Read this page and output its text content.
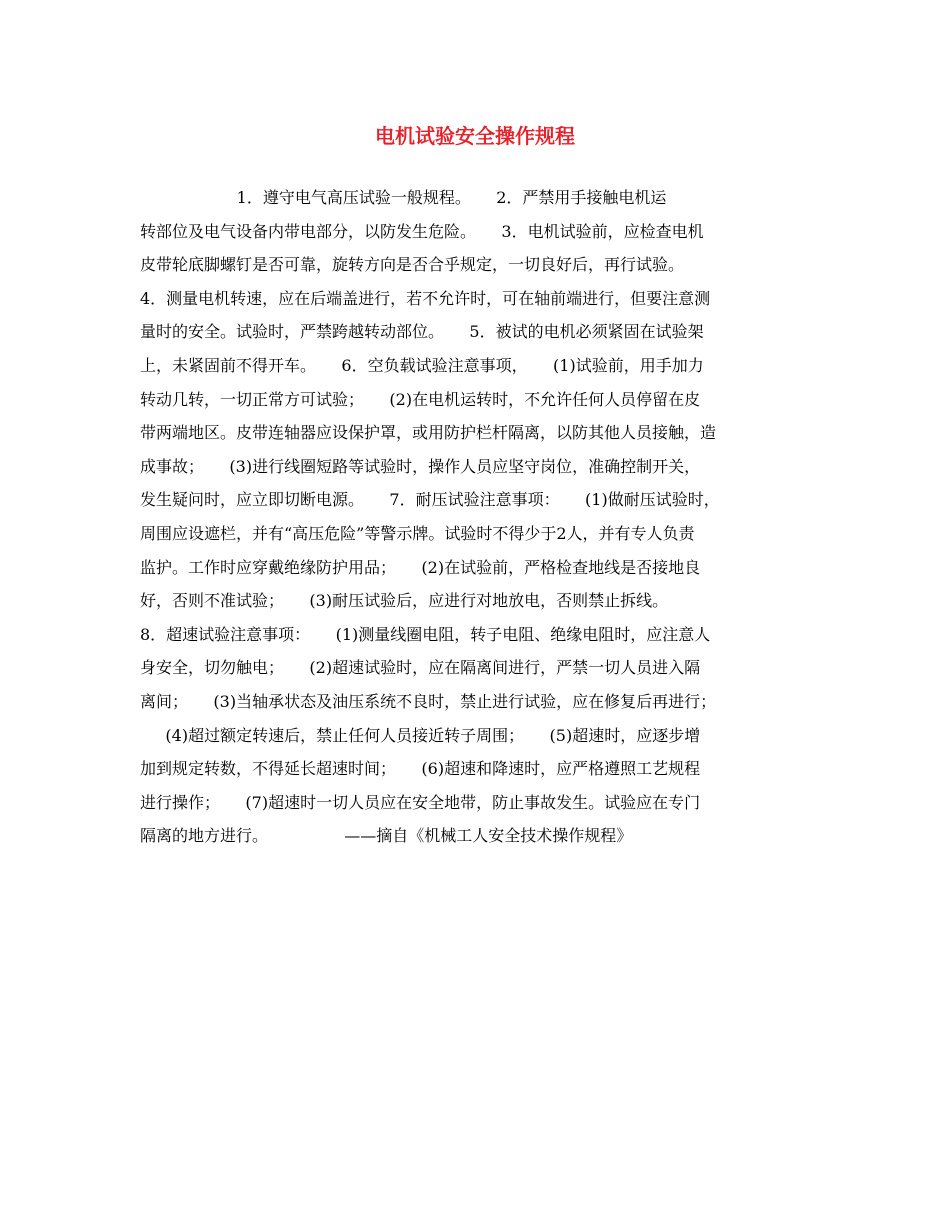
电机试验安全操作规程
1．遵守电气高压试验一般规程。     2．严禁用手接触电机运
转部位及电气设备内带电部分，以防发生危险。     3．电机试验前，应检查电机
皮带轮底脚螺钉是否可靠，旋转方向是否合乎规定，一切良好后，再行试验。
4．测量电机转速，应在后端盖进行，若不允许时，可在轴前端进行，但要注意测
量时的安全。试验时，严禁跨越转动部位。     5．被试的电机必须紧固在试验架
上，未紧固前不得开车。     6．空负载试验注意事项，     (1)试验前，用手加力
转动几转，一切正常方可试验；     (2)在电机运转时，不允许任何人员停留在皮
带两端地区。皮带连轴器应设保护罩，或用防护栏杆隔离，以防其他人员接触，造
成事故；     (3)进行线圈短路等试验时，操作人员应坚守岗位，准确控制开关，
发生疑问时，应立即切断电源。     7．耐压试验注意事项：     (1)做耐压试验时，
周围应设遮栏，并有“高压危险”等警示牌。试验时不得少于2人，并有专人负责
监护。工作时应穿戴绝缘防护用品；     (2)在试验前，严格检查地线是否接地良
好，否则不准试验；     (3)耐压试验后，应进行对地放电，否则禁止拆线。
8．超速试验注意事项：     (1)测量线圈电阻，转子电阻、绝缘电阻时，应注意人
身安全，切勿触电；     (2)超速试验时，应在隔离间进行，严禁一切人员进入隔
离间；     (3)当轴承状态及油压系统不良时，禁止进行试验，应在修复后再进行；
(4)超过额定转速后，禁止任何人员接近转子周围；     (5)超速时，应逐步增
加到规定转数，不得延长超速时间；     (6)超速和降速时，应严格遵照工艺规程
进行操作；     (7)超速时一切人员应在安全地带，防止事故发生。试验应在专门
隔离的地方进行。               ——摘自《机械工人安全技术操作规程》
